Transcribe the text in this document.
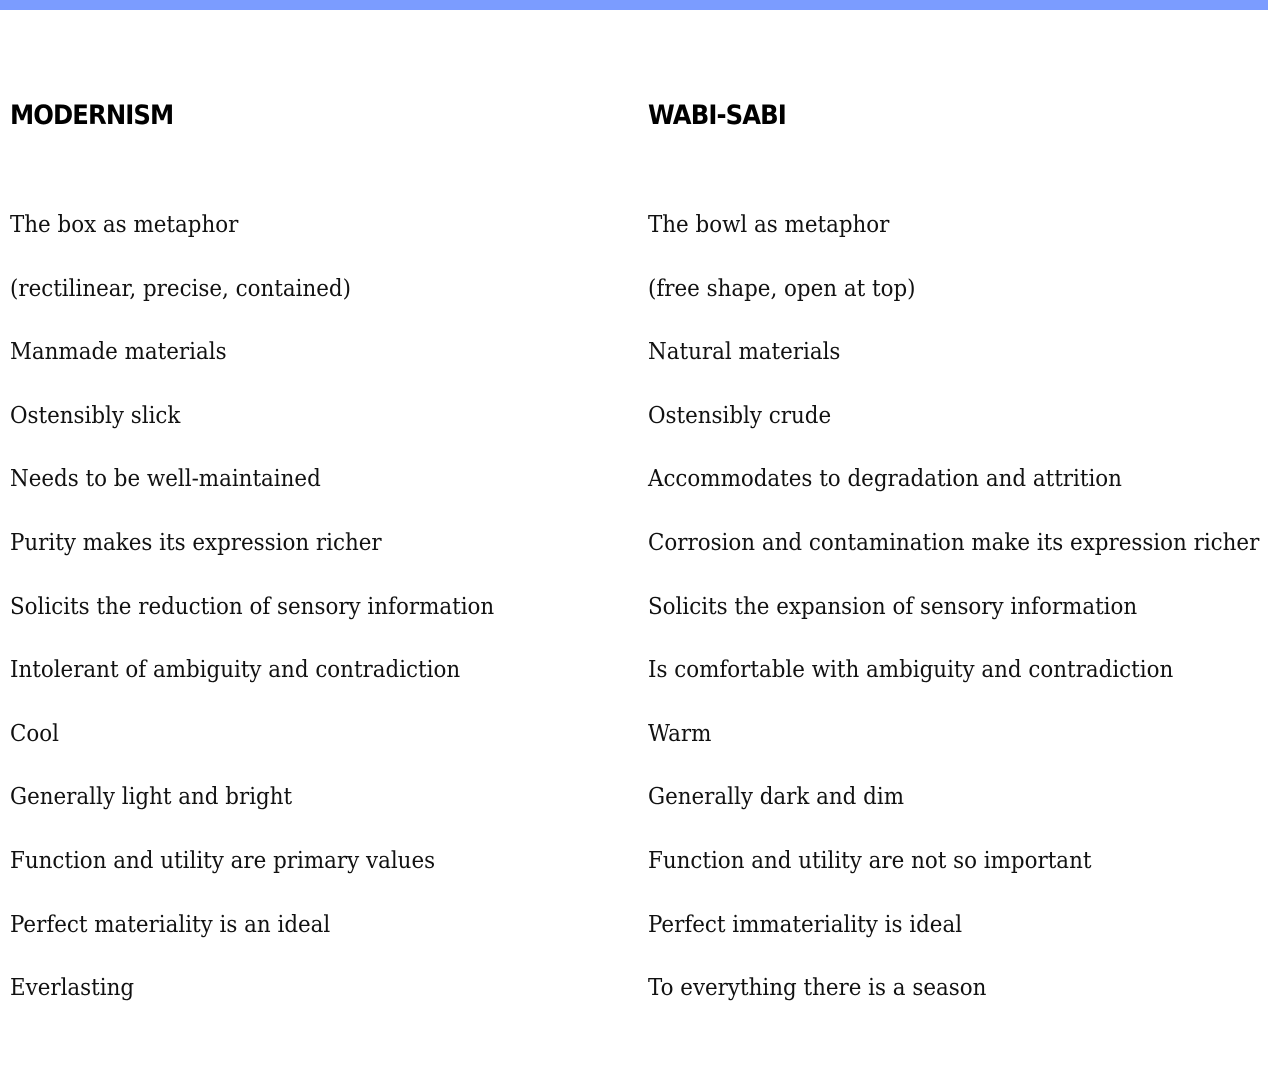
MODERNISM
The box as metaphor
(rectilinear, precise, contained)
Manmade materials
Ostensibly slick
Needs to be well-maintained
Purity makes its expression richer
Solicits the reduction of sensory information
Intolerant of ambiguity and contradiction
Cool
Generally light and bright
Function and utility are primary values
Perfect materiality is an ideal
Everlasting
WABI-SABI
The bowl as metaphor
(free shape, open at top)
Natural materials
Ostensibly crude
Accommodates to degradation and attrition
Corrosion and contamination make its expression richer
Solicits the expansion of sensory information
Is comfortable with ambiguity and contradiction
Warm
Generally dark and dim
Function and utility are not so important
Perfect immateriality is ideal
To everything there is a season
